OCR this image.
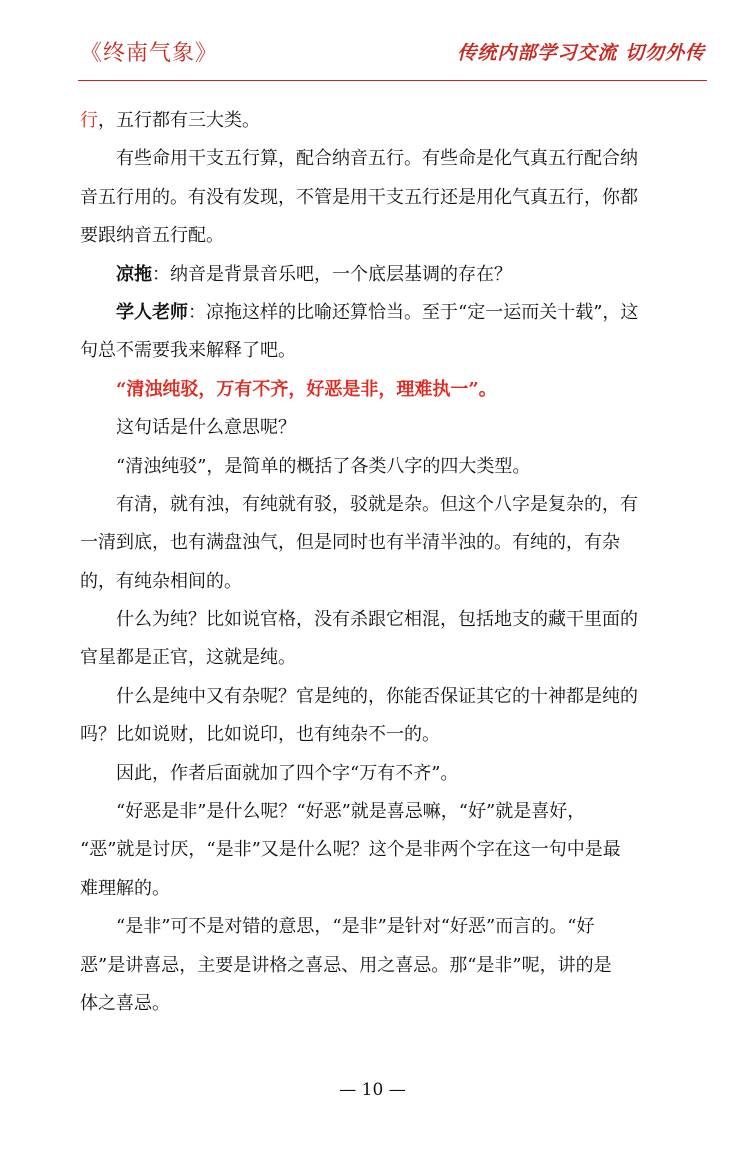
《终南气象》	传统内部学习交流 切勿外传
行，五行都有三大类。
有些命用干支五行算，配合纳音五行。有些命是化气真五行配合纳
音五行用的。有没有发现，不管是用干支五行还是用化气真五行，你都
要跟纳音五行配。
凉拖：纳音是背景音乐吧，一个底层基调的存在？
学人老师：凉拖这样的比喻还算恰当。至于“定一运而关十载”，这
句总不需要我来解释了吧。
“清浊纯驳，万有不齐，好恶是非，理难执一”。
这句话是什么意思呢？
“清浊纯驳”，是简单的概括了各类八字的四大类型。
有清，就有浊，有纯就有驳，驳就是杂。但这个八字是复杂的，有
一清到底，也有满盘浊气，但是同时也有半清半浊的。有纯的，有杂
的，有纯杂相间的。
什么为纯？比如说官格，没有杀跟它相混，包括地支的藏干里面的
官星都是正官，这就是纯。
什么是纯中又有杂呢？官是纯的，你能否保证其它的十神都是纯的
吗？比如说财，比如说印，也有纯杂不一的。
因此，作者后面就加了四个字“万有不齐”。
“好恶是非”是什么呢？“好恶”就是喜忌嘛，“好”就是喜好，
“恶”就是讨厌，“是非”又是什么呢？这个是非两个字在这一句中是最
难理解的。
“是非”可不是对错的意思，“是非”是针对“好恶”而言的。“好
恶”是讲喜忌，主要是讲格之喜忌、用之喜忌。那“是非”呢，讲的是
体之喜忌。
— 10 —
